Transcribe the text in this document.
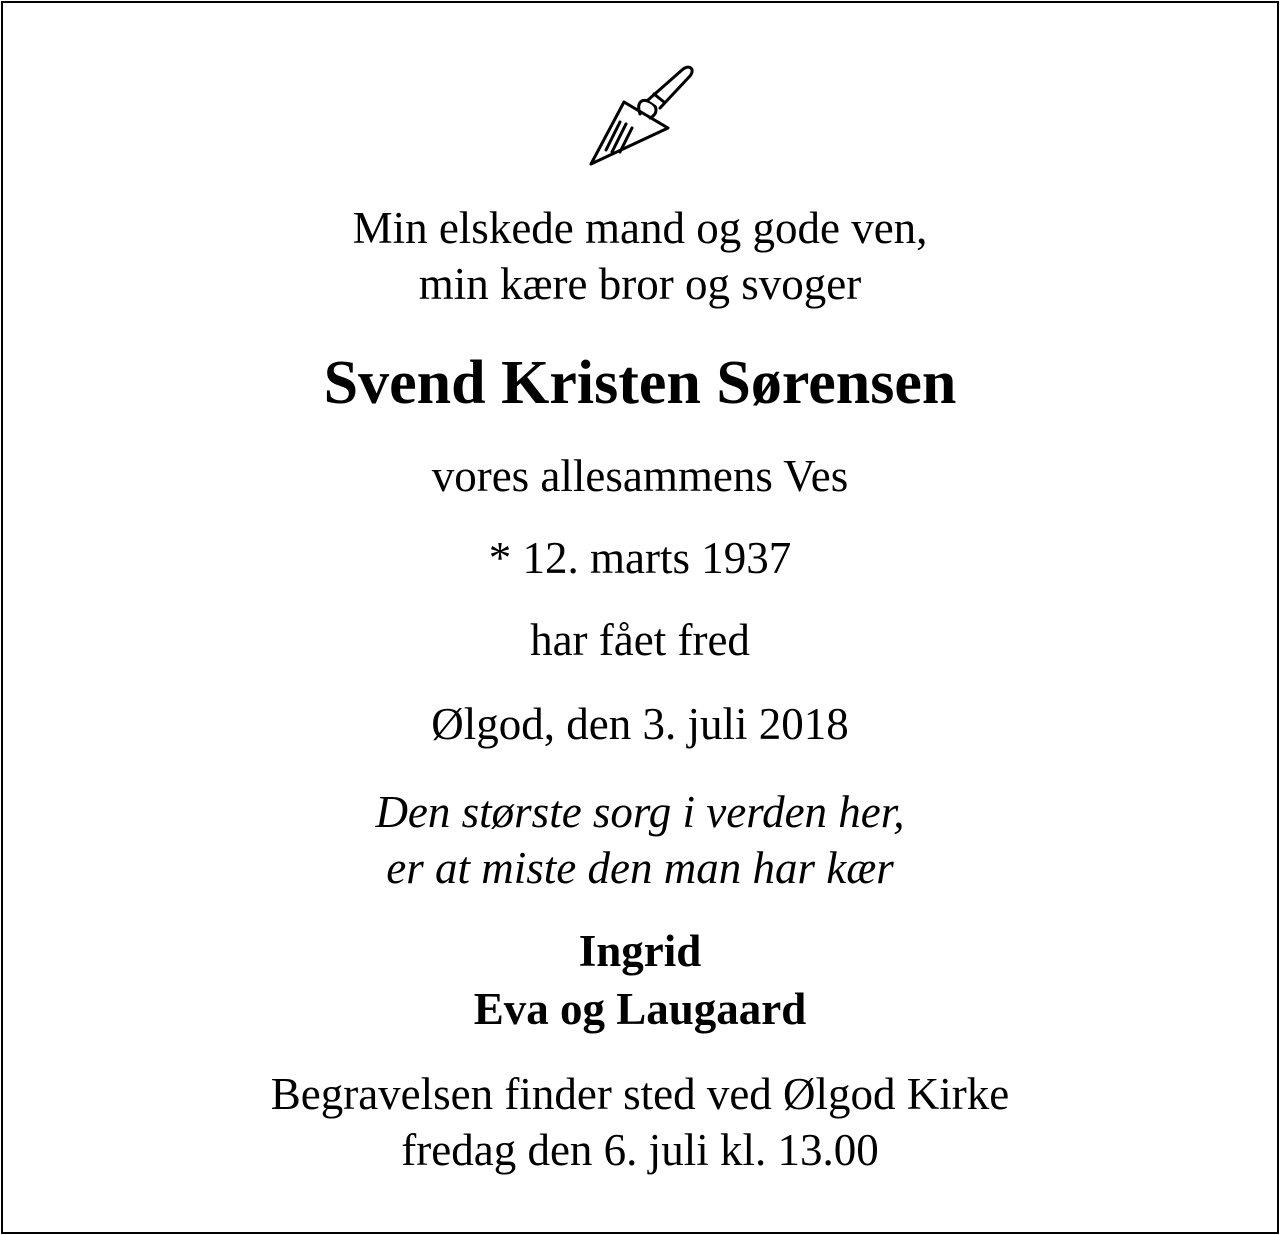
Min elskede mand og gode ven,
min kære bror og svoger

Svend Kristen Sørensen

vores allesammens Ves

* 12. marts 1937

har fået fred

Ølgod, den 3. juli 2018

Den største sorg i verden her,
er at miste den man har kær

Ingrid
Eva og Laugaard

Begravelsen finder sted ved Ølgod Kirke
fredag den 6. juli kl. 13.00
